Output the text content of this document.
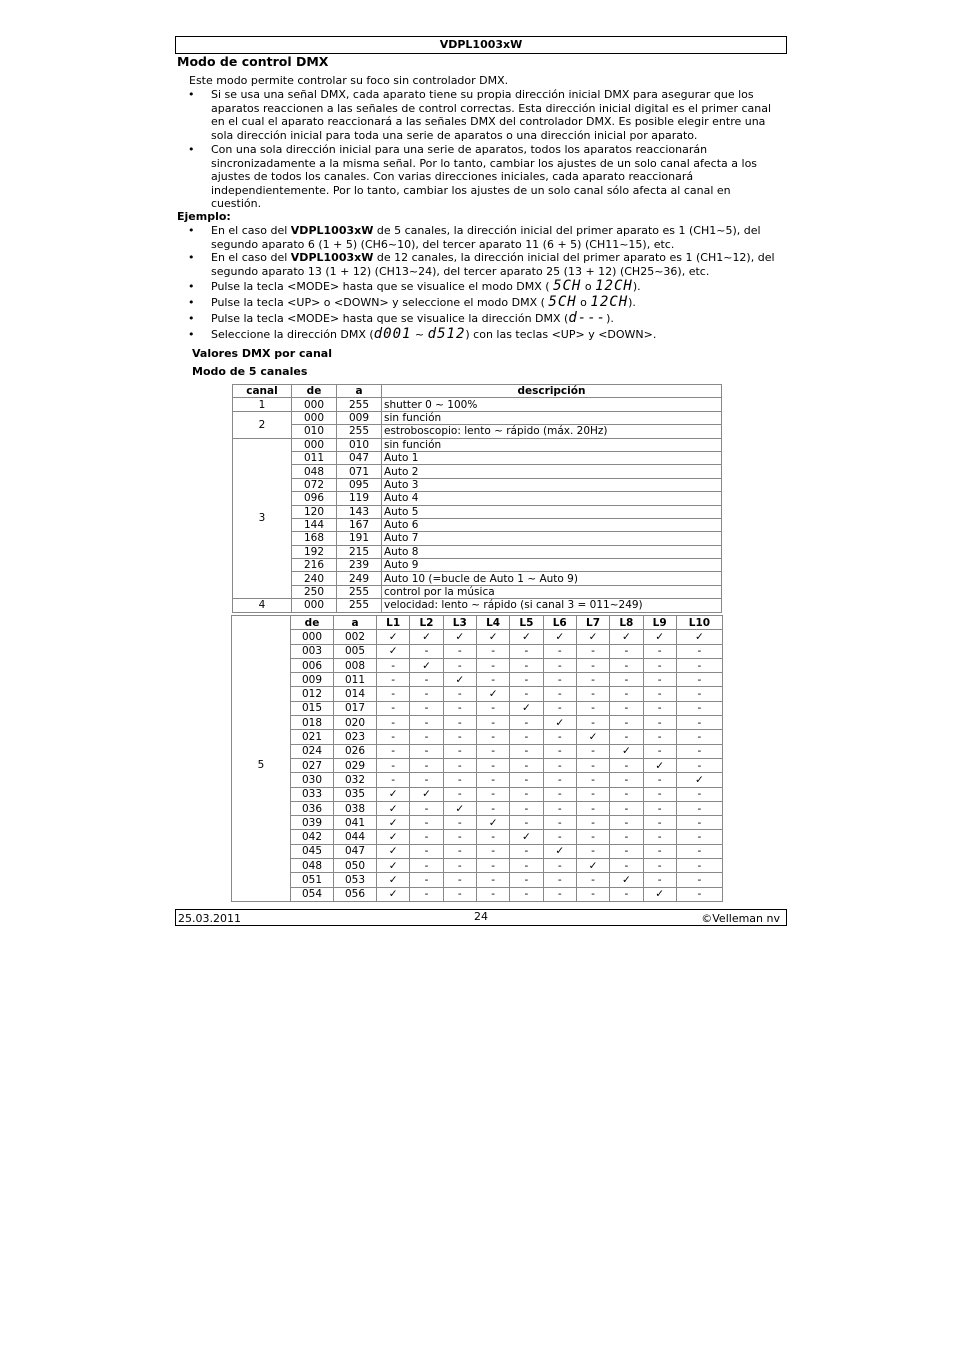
VDPL1003xW
Modo de control DMX
Este modo permite controlar su foco sin controlador DMX.
• Si se usa una señal DMX, cada aparato tiene su propia dirección inicial DMX para asegurar que los aparatos reaccionen a las señales de control correctas. Esta dirección inicial digital es el primer canal en el cual el aparato reaccionará a las señales DMX del controlador DMX. Es posible elegir entre una sola dirección inicial para toda una serie de aparatos o una dirección inicial por aparato.
• Con una sola dirección inicial para una serie de aparatos, todos los aparatos reaccionarán sincronizadamente a la misma señal. Por lo tanto, cambiar los ajustes de un solo canal afecta a los ajustes de todos los canales. Con varias direcciones iniciales, cada aparato reaccionará independientemente. Por lo tanto, cambiar los ajustes de un solo canal sólo afecta al canal en cuestión.
Ejemplo:
• En el caso del VDPL1003xW de 5 canales, la dirección inicial del primer aparato es 1 (CH1~5), del segundo aparato 6 (1 + 5) (CH6~10), del tercer aparato 11 (6 + 5) (CH11~15), etc.
• En el caso del VDPL1003xW de 12 canales, la dirección inicial del primer aparato es 1 (CH1~12), del segundo aparato 13 (1 + 12) (CH13~24), del tercer aparato 25 (13 + 12) (CH25~36), etc.
• Pulse la tecla <MODE> hasta que se visualice el modo DMX ( 5CH o 12CH).
• Pulse la tecla <UP> o <DOWN> y seleccione el modo DMX ( 5CH o 12CH).
• Pulse la tecla <MODE> hasta que se visualice la dirección DMX (d---).
• Seleccione la dirección DMX (d001 ~ d512) con las teclas <UP> y <DOWN>.
Valores DMX por canal
Modo de 5 canales
canal	de	a	descripción
1	000	255	shutter 0 ~ 100%
2	000	009	sin función
	010	255	estroboscopio: lento ~ rápido (máx. 20Hz)
3	000	010	sin función
	011	047	Auto 1
	048	071	Auto 2
	072	095	Auto 3
	096	119	Auto 4
	120	143	Auto 5
	144	167	Auto 6
	168	191	Auto 7
	192	215	Auto 8
	216	239	Auto 9
	240	249	Auto 10 (=bucle de Auto 1 ~ Auto 9)
	250	255	control por la música
4	000	255	velocidad: lento ~ rápido (si canal 3 = 011~249)
	de	a	L1	L2	L3	L4	L5	L6	L7	L8	L9	L10
5	000	002	✓	✓	✓	✓	✓	✓	✓	✓	✓	✓
	003	005	✓	-	-	-	-	-	-	-	-	-
	006	008	-	✓	-	-	-	-	-	-	-	-
	009	011	-	-	✓	-	-	-	-	-	-	-
	012	014	-	-	-	✓	-	-	-	-	-	-
	015	017	-	-	-	-	✓	-	-	-	-	-
	018	020	-	-	-	-	-	✓	-	-	-	-
	021	023	-	-	-	-	-	-	✓	-	-	-
	024	026	-	-	-	-	-	-	-	✓	-	-
	027	029	-	-	-	-	-	-	-	-	✓	-
	030	032	-	-	-	-	-	-	-	-	-	✓
	033	035	✓	✓	-	-	-	-	-	-	-	-
	036	038	✓	-	✓	-	-	-	-	-	-	-
	039	041	✓	-	-	✓	-	-	-	-	-	-
	042	044	✓	-	-	-	✓	-	-	-	-	-
	045	047	✓	-	-	-	-	✓	-	-	-	-
	048	050	✓	-	-	-	-	-	✓	-	-	-
	051	053	✓	-	-	-	-	-	-	✓	-	-
	054	056	✓	-	-	-	-	-	-	-	✓	-
25.03.2011	24	©Velleman nv
